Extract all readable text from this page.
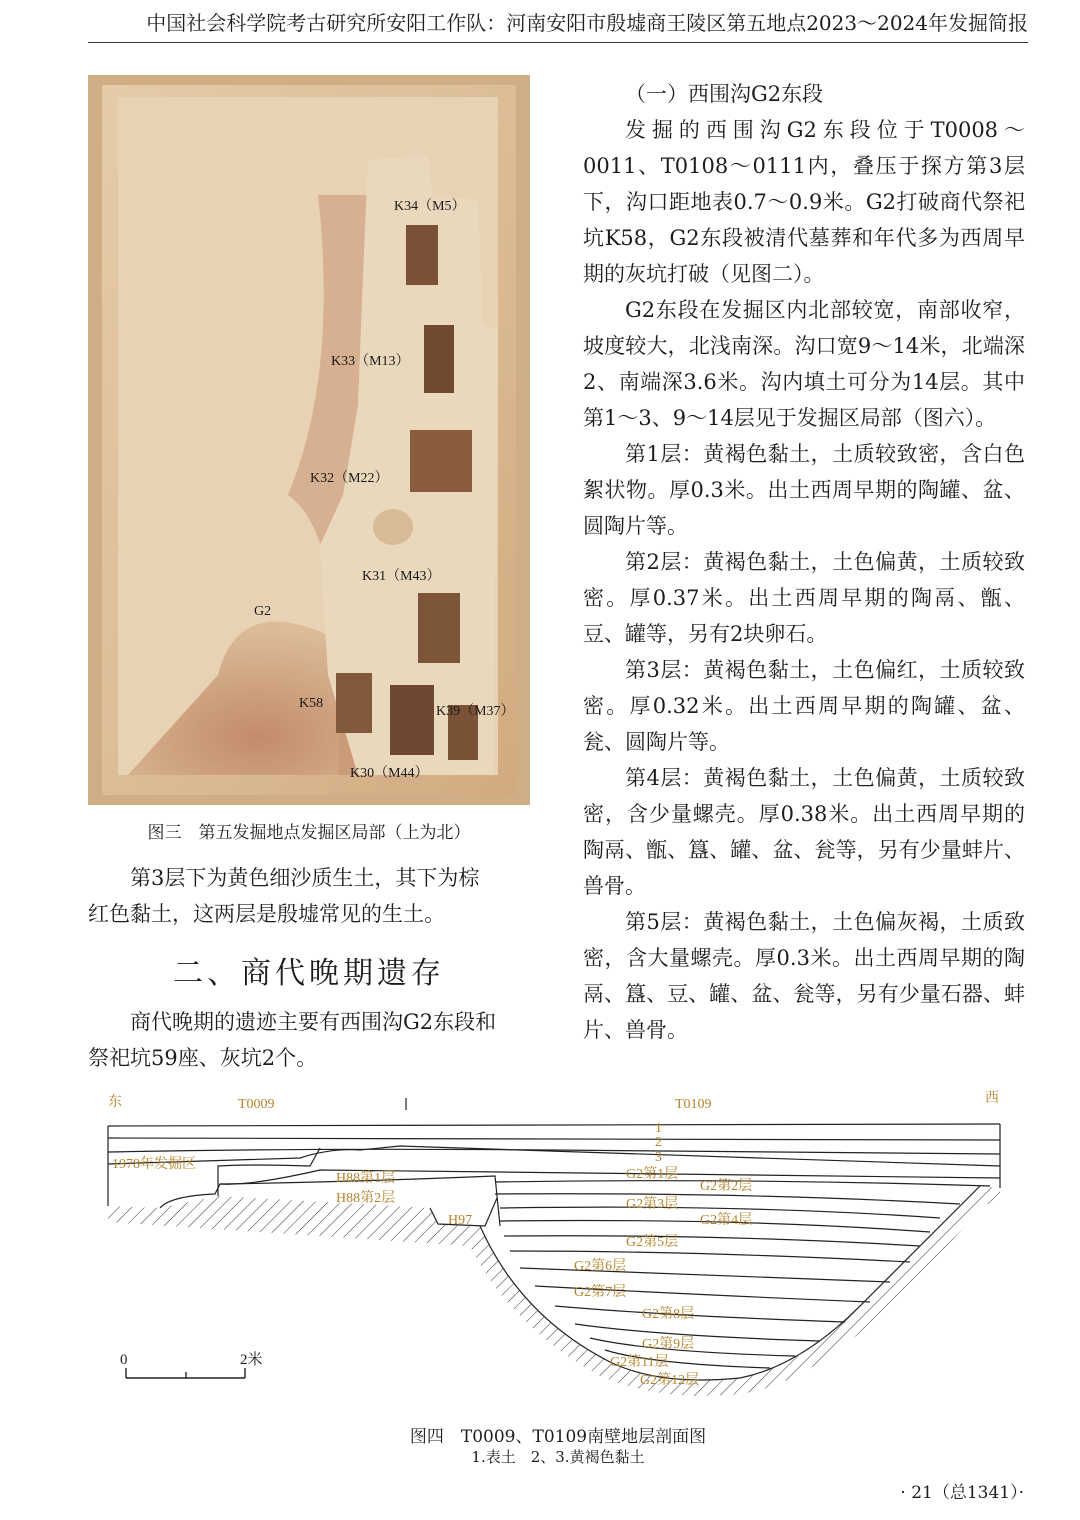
中国社会科学院考古研究所安阳工作队：河南安阳市殷墟商王陵区第五地点2023～2024年发掘简报
K34（M5）
K33（M13）
K32（M22）
K31（M43）
G2
K58
K39（M37）
K30（M44）
图三　第五发掘地点发掘区局部（上为北）

第3层下为黄色细沙质生土，其下为棕
红色黏土，这两层是殷墟常见的生土。

二、商代晚期遗存

商代晚期的遗迹主要有西围沟G2东段和
祭祀坑59座、灰坑2个。

（一）西围沟G2东段

发掘的西围沟G2东段位于T0008～0011、T0108～0111内，叠压于探方第3层下，沟口距地表0.7～0.9米。G2打破商代祭祀坑K58，G2东段被清代墓葬和年代多为西周早期的灰坑打破（见图二）。

G2东段在发掘区内北部较宽，南部收窄，坡度较大，北浅南深。沟口宽9～14米，北端深2、南端深3.6米。沟内填土可分为14层。其中第1～3、9～14层见于发掘区局部（图六）。

第1层：黄褐色黏土，土质较致密，含白色絮状物。厚0.3米。出土西周早期的陶罐、盆、圆陶片等。

第2层：黄褐色黏土，土色偏黄，土质较致密。厚0.37米。出土西周早期的陶鬲、甑、豆、罐等，另有2块卵石。

第3层：黄褐色黏土，土色偏红，土质较致密。厚0.32米。出土西周早期的陶罐、盆、瓮、圆陶片等。

第4层：黄褐色黏土，土色偏黄，土质较致密，含少量螺壳。厚0.38米。出土西周早期的陶鬲、甑、簋、罐、盆、瓮等，另有少量蚌片、兽骨。

第5层：黄褐色黏土，土色偏灰褐，土质致密，含大量螺壳。厚0.3米。出土西周早期的陶鬲、簋、豆、罐、盆、瓮等，另有少量石器、蚌片、兽骨。

东	T0009	T0109	西
1
2
3
1978年发掘区
H88第1层
H88第2层
H97
G2第1层
G2第2层
G2第3层
G2第4层
G2第5层
G2第6层
G2第7层
G2第8层
G2第9层
G2第11层
G2第12层
0	2米
图四　T0009、T0109南壁地层剖面图
1.表土　2、3.黄褐色黏土
· 21（总1341）·
